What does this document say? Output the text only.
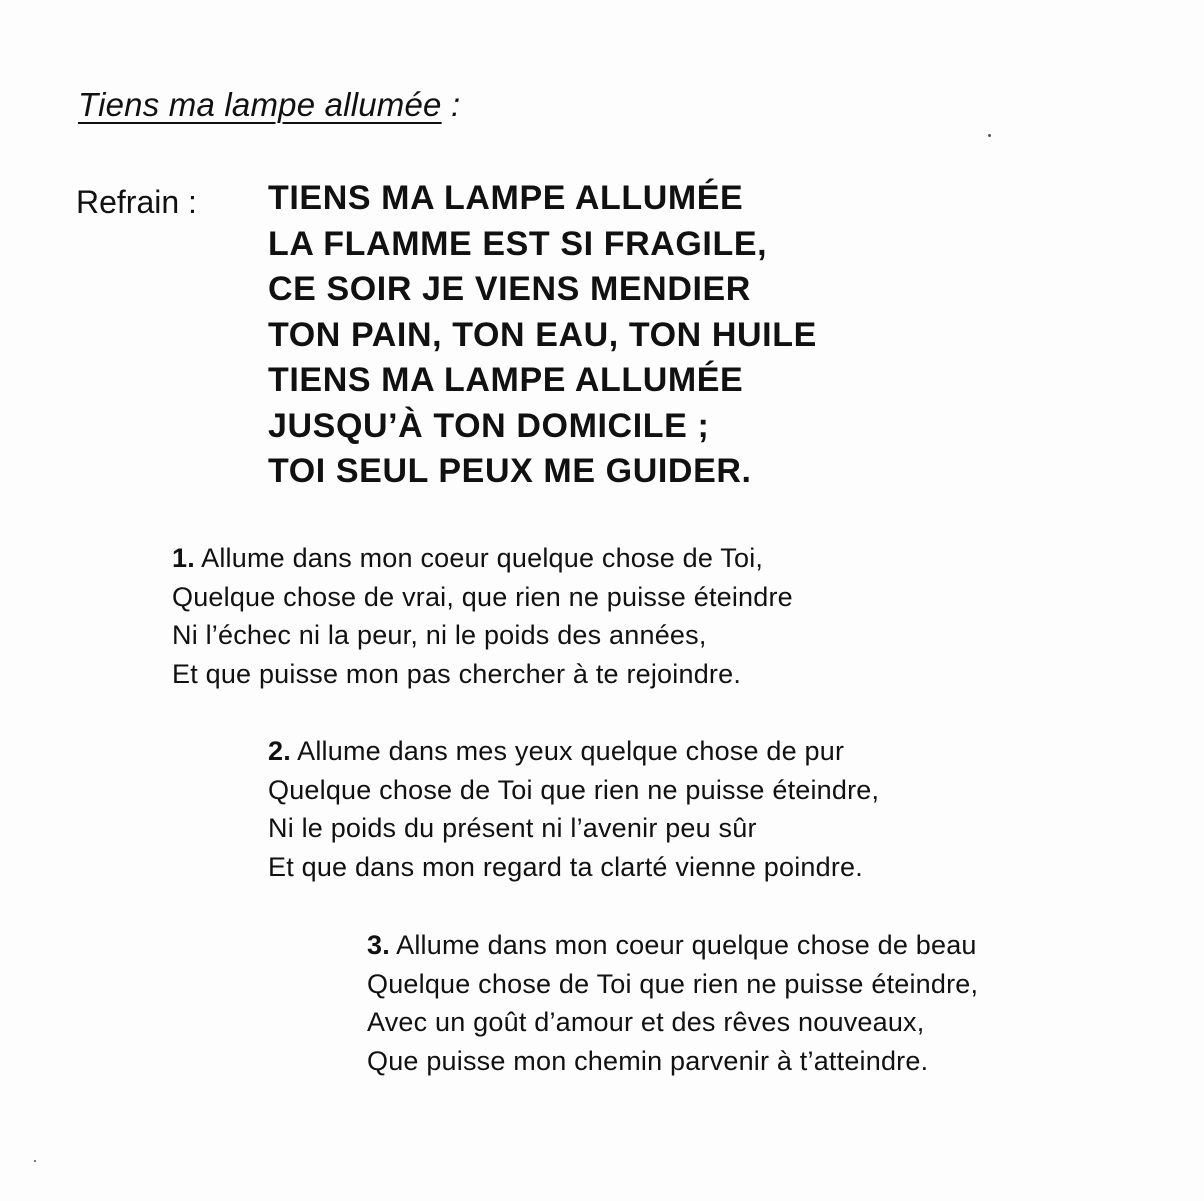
Tiens ma lampe allumée :
Refrain : TIENS MA LAMPE ALLUMÉE
LA FLAMME EST SI FRAGILE,
CE SOIR JE VIENS MENDIER
TON PAIN, TON EAU, TON HUILE
TIENS MA LAMPE ALLUMÉE
JUSQU’À TON DOMICILE ;
TOI SEUL PEUX ME GUIDER.
1. Allume dans mon coeur quelque chose de Toi,
Quelque chose de vrai, que rien ne puisse éteindre
Ni l’échec ni la peur, ni le poids des années,
Et que puisse mon pas chercher à te rejoindre.
2. Allume dans mes yeux quelque chose de pur
Quelque chose de Toi que rien ne puisse éteindre,
Ni le poids du présent ni l’avenir peu sûr
Et que dans mon regard ta clarté vienne poindre.
3. Allume dans mon coeur quelque chose de beau
Quelque chose de Toi que rien ne puisse éteindre,
Avec un goût d’amour et des rêves nouveaux,
Que puisse mon chemin parvenir à t’atteindre.
